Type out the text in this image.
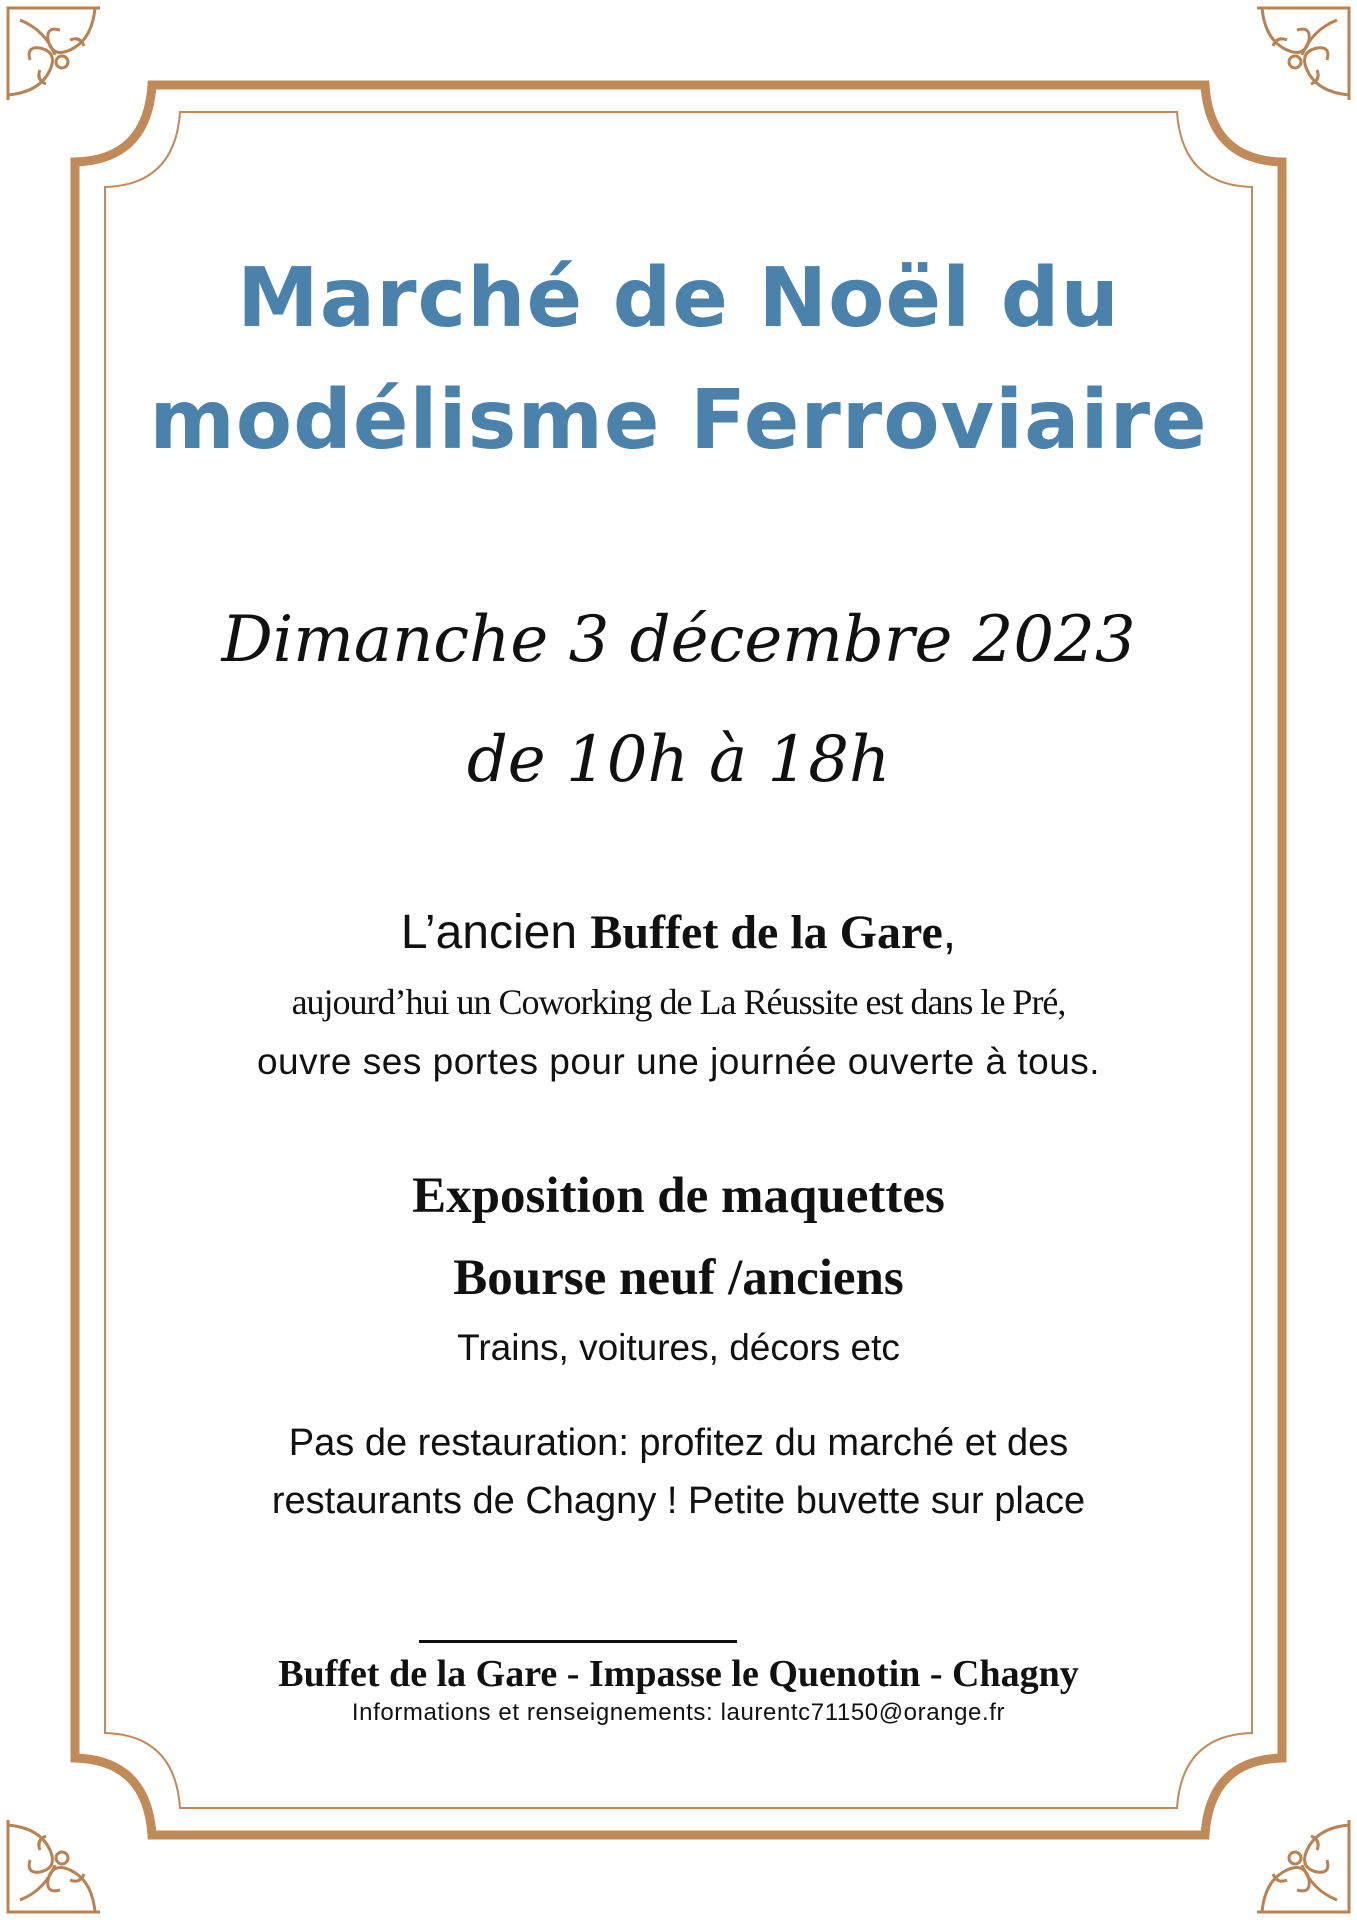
Marché de Noël du
modélisme Ferroviaire
Dimanche 3 décembre 2023
de 10h à 18h
L’ancien Buffet de la Gare,
aujourd’hui un Coworking de La Réussite est dans le Pré,
ouvre ses portes pour une journée ouverte à tous.
Exposition de maquettes
Bourse neuf /anciens
Trains, voitures, décors etc
Pas de restauration: profitez du marché et des
restaurants de Chagny ! Petite buvette sur place
Buffet de la Gare - Impasse le Quenotin - Chagny
Informations et renseignements: laurentc71150@orange.fr
